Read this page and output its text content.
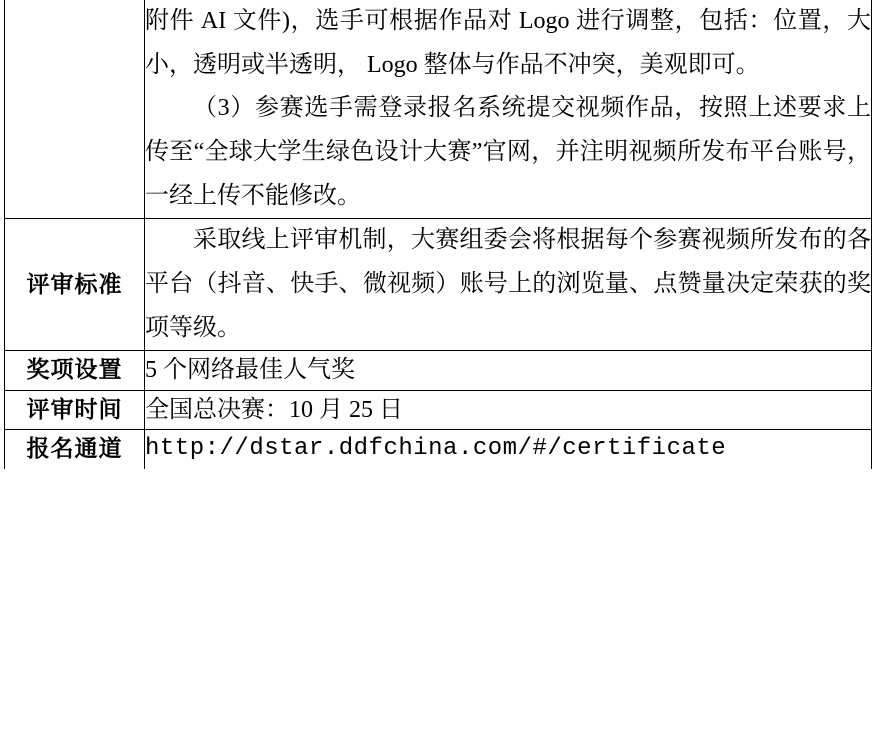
	附件 AI 文件)，选手可根据作品对 Logo 进行调整，包括：位置，大小，透明或半透明， Logo 整体与作品不冲突，美观即可。

（3）参赛选手需登录报名系统提交视频作品，按照上述要求上传至“全球大学生绿色设计大赛”官网，并注明视频所发布平台账号，一经上传不能修改。

评审标准	采取线上评审机制，大赛组委会将根据每个参赛视频所发布的各平台（抖音、快手、微视频）账号上的浏览量、点赞量决定荣获的奖项等级。

奖项设置	5 个网络最佳人气奖
评审时间	全国总决赛：10 月 25 日
报名通道	http://dstar.ddfchina.com/#/certificate
